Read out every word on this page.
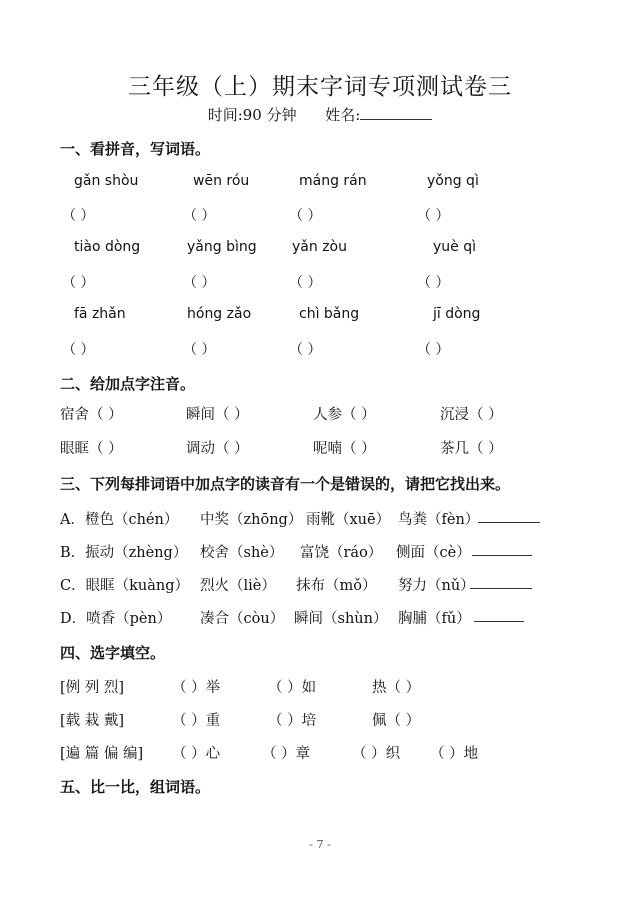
三年级（上）期末字词专项测试卷三
时间:90 分钟 姓名:
一、看拼音，写词语。
gǎn shòu	wēn róu	máng rán	yǒng qì
（ ）	（ ）	（ ）	（ ）
tiào dòng	yǎng bìng	yǎn zòu	yuè qì
（ ）	（ ）	（ ）	（ ）
fā zhǎn	hóng zǎo	chì bǎng	jī dòng
（ ）	（ ）	（ ）	（ ）
二、给加点字注音。
宿舍（ ）	瞬间（ ）	人参（ ）	沉浸（ ）
眼眶（ ）	调动（ ）	呢喃（ ）	茶几（ ）
三、下列每排词语中加点字的读音有一个是错误的，请把它找出来。
A．橙色（chén） 中奖（zhōng） 雨靴（xuē） 鸟粪（fèn）
B．振动（zhèng） 校舍（shè） 富饶（ráo） 侧面（cè）
C．眼眶（kuàng） 烈火（liè） 抹布（mǒ） 努力（nǔ）
D．喷香（pèn） 凑合（còu） 瞬间（shùn） 胸脯（fǔ）
四、选字填空。
[例 列 烈]	（ ）举	（ ）如	热（ ）
[载 栽 戴]	（ ）重	（ ）培	佩（ ）
[遍 篇 偏 编] （ ）心	（ ）章	（ ）织 （ ）地
五、比一比，组词语。
- 7 -
